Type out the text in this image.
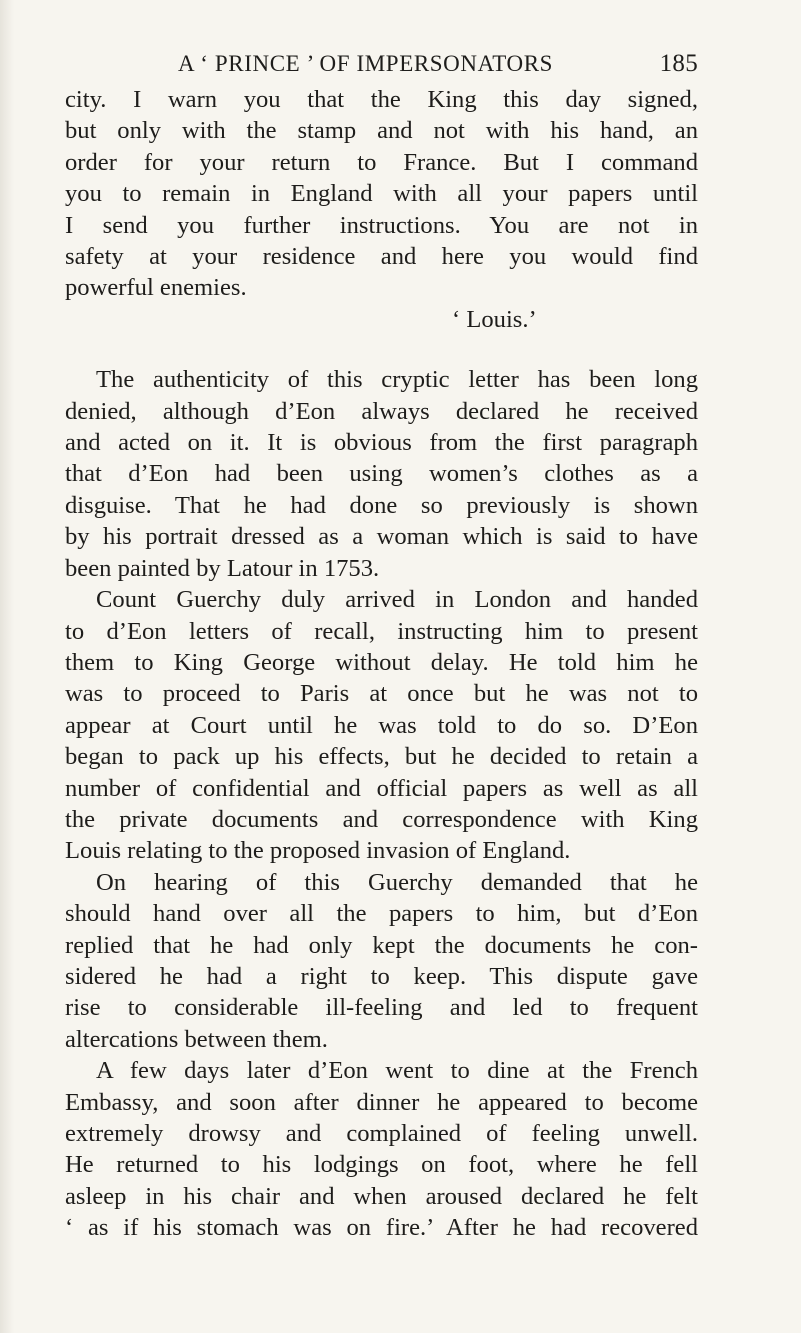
A ‘ PRINCE ’ OF IMPERSONATORS	185
city. I warn you that the King this day signed,
but only with the stamp and not with his hand, an
order for your return to France. But I command
you to remain in England with all your papers until
I send you further instructions. You are not in
safety at your residence and here you would find
powerful enemies.
‘ Louis.’
The authenticity of this cryptic letter has been long
denied, although d’Eon always declared he received
and acted on it. It is obvious from the first paragraph
that d’Eon had been using women’s clothes as a
disguise. That he had done so previously is shown
by his portrait dressed as a woman which is said to have
been painted by Latour in 1753.
Count Guerchy duly arrived in London and handed
to d’Eon letters of recall, instructing him to present
them to King George without delay. He told him he
was to proceed to Paris at once but he was not to
appear at Court until he was told to do so. D’Eon
began to pack up his effects, but he decided to retain a
number of confidential and official papers as well as all
the private documents and correspondence with King
Louis relating to the proposed invasion of England.
On hearing of this Guerchy demanded that he
should hand over all the papers to him, but d’Eon
replied that he had only kept the documents he con-
sidered he had a right to keep. This dispute gave
rise to considerable ill-feeling and led to frequent
altercations between them.
A few days later d’Eon went to dine at the French
Embassy, and soon after dinner he appeared to become
extremely drowsy and complained of feeling unwell.
He returned to his lodgings on foot, where he fell
asleep in his chair and when aroused declared he felt
‘ as if his stomach was on fire.’ After he had recovered
